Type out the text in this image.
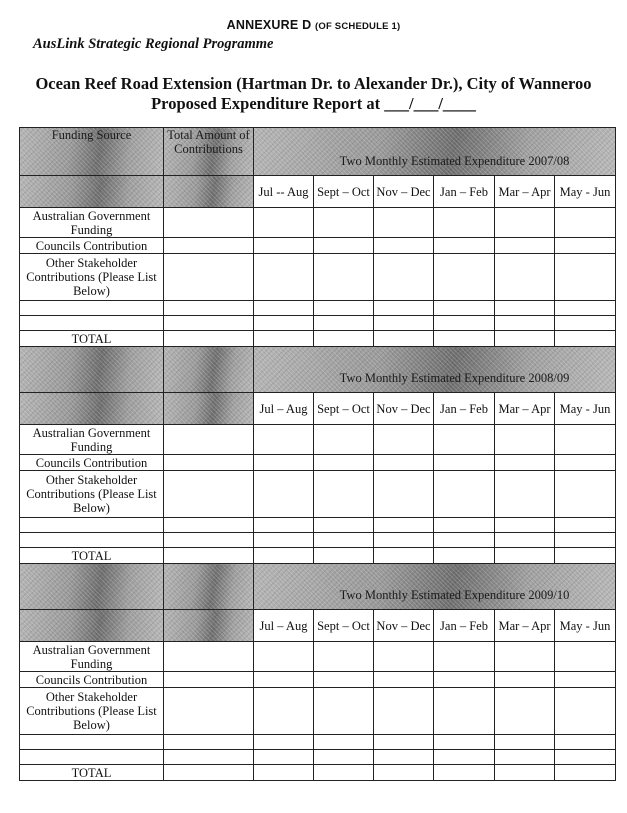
ANNEXURE D (OF SCHEDULE 1)
AusLink Strategic Regional Programme
Ocean Reef Road Extension (Hartman Dr. to Alexander Dr.), City of Wanneroo
Proposed Expenditure Report at ___/___/____
Funding Source	Total Amount of Contributions	Two Monthly Estimated Expenditure 2007/08					
		Jul -- Aug	Sept – Oct	Nov – Dec	Jan – Feb	Mar – Apr	May - Jun
Australian Government Funding							
Councils Contribution							
Other Stakeholder Contributions (Please List Below)							

TOTAL							
		Two Monthly Estimated Expenditure 2008/09					
		Jul – Aug	Sept – Oct	Nov – Dec	Jan – Feb	Mar – Apr	May - Jun
Australian Government Funding							
Councils Contribution							
Other Stakeholder Contributions (Please List Below)							

TOTAL							
		Two Monthly Estimated Expenditure 2009/10					
		Jul – Aug	Sept – Oct	Nov – Dec	Jan – Feb	Mar – Apr	May - Jun
Australian Government Funding							
Councils Contribution							
Other Stakeholder Contributions (Please List Below)							

TOTAL							
